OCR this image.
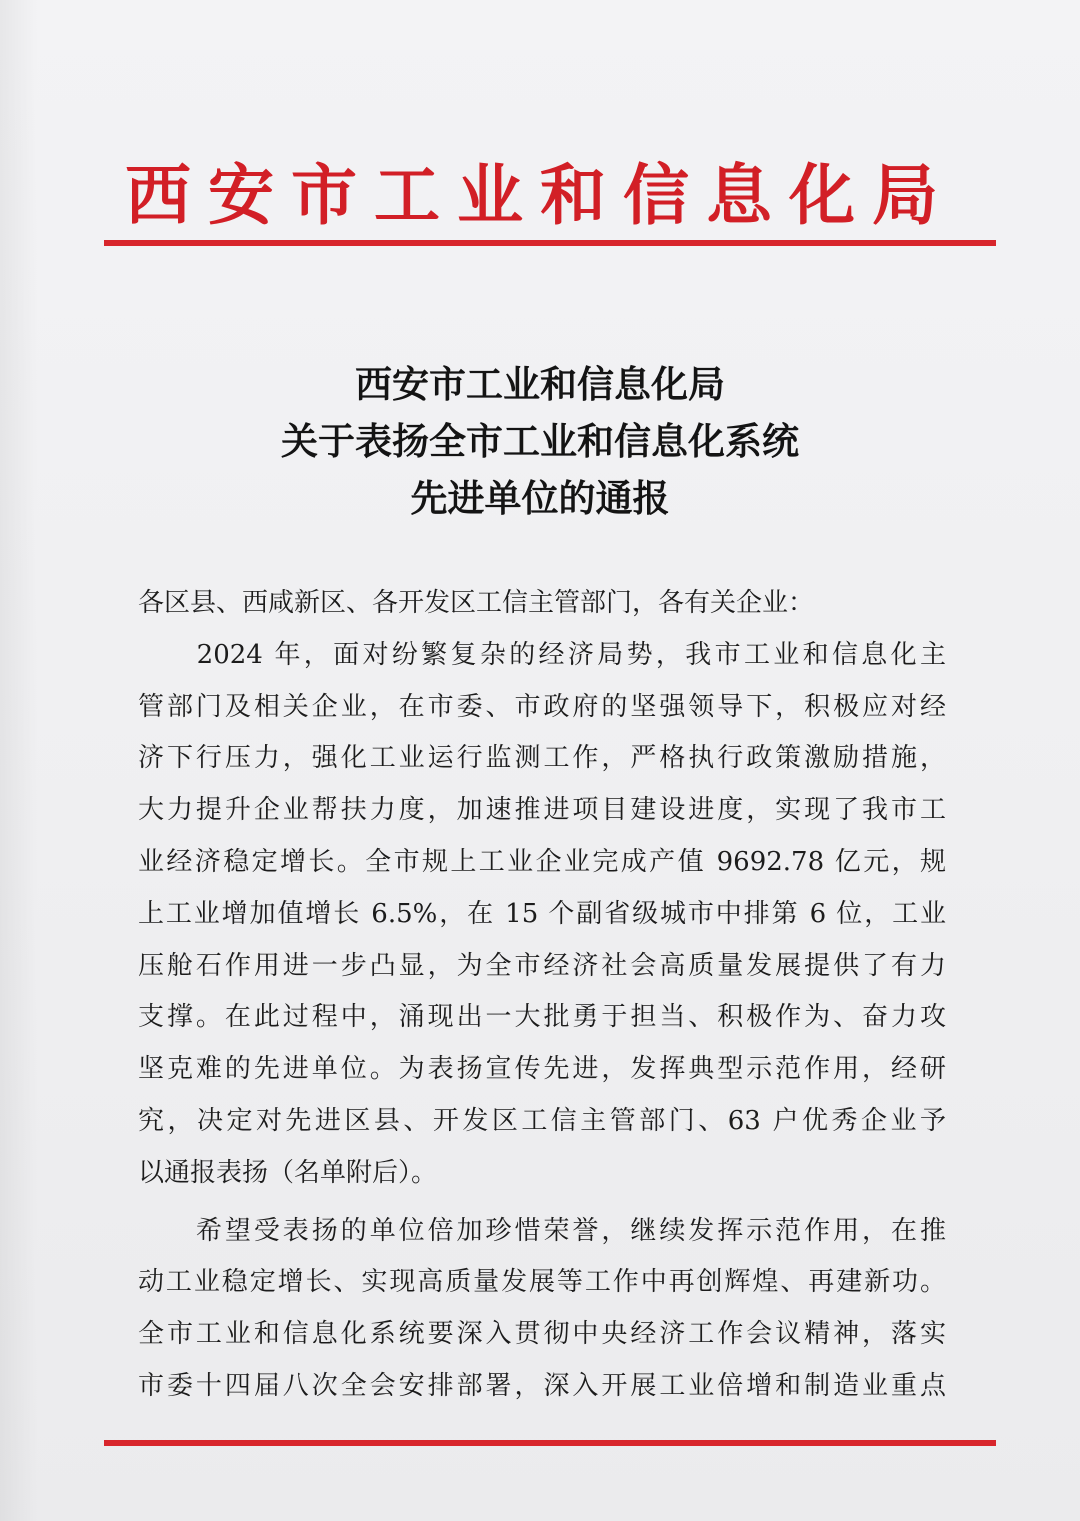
西安市工业和信息化局
西安市工业和信息化局
关于表扬全市工业和信息化系统
先进单位的通报
各区县、西咸新区、各开发区工信主管部门，各有关企业：
　　2024 年，面对纷繁复杂的经济局势，我市工业和信息化主
管部门及相关企业，在市委、市政府的坚强领导下，积极应对经
济下行压力，强化工业运行监测工作，严格执行政策激励措施，
大力提升企业帮扶力度，加速推进项目建设进度，实现了我市工
业经济稳定增长。全市规上工业企业完成产值 9692.78 亿元，规
上工业增加值增长 6.5%，在 15 个副省级城市中排第 6 位，工业
压舱石作用进一步凸显，为全市经济社会高质量发展提供了有力
支撑。在此过程中，涌现出一大批勇于担当、积极作为、奋力攻
坚克难的先进单位。为表扬宣传先进，发挥典型示范作用，经研
究，决定对先进区县、开发区工信主管部门、63 户优秀企业予
以通报表扬（名单附后）。
　　希望受表扬的单位倍加珍惜荣誉，继续发挥示范作用，在推
动工业稳定增长、实现高质量发展等工作中再创辉煌、再建新功。
全市工业和信息化系统要深入贯彻中央经济工作会议精神，落实
市委十四届八次全会安排部署，深入开展工业倍增和制造业重点
